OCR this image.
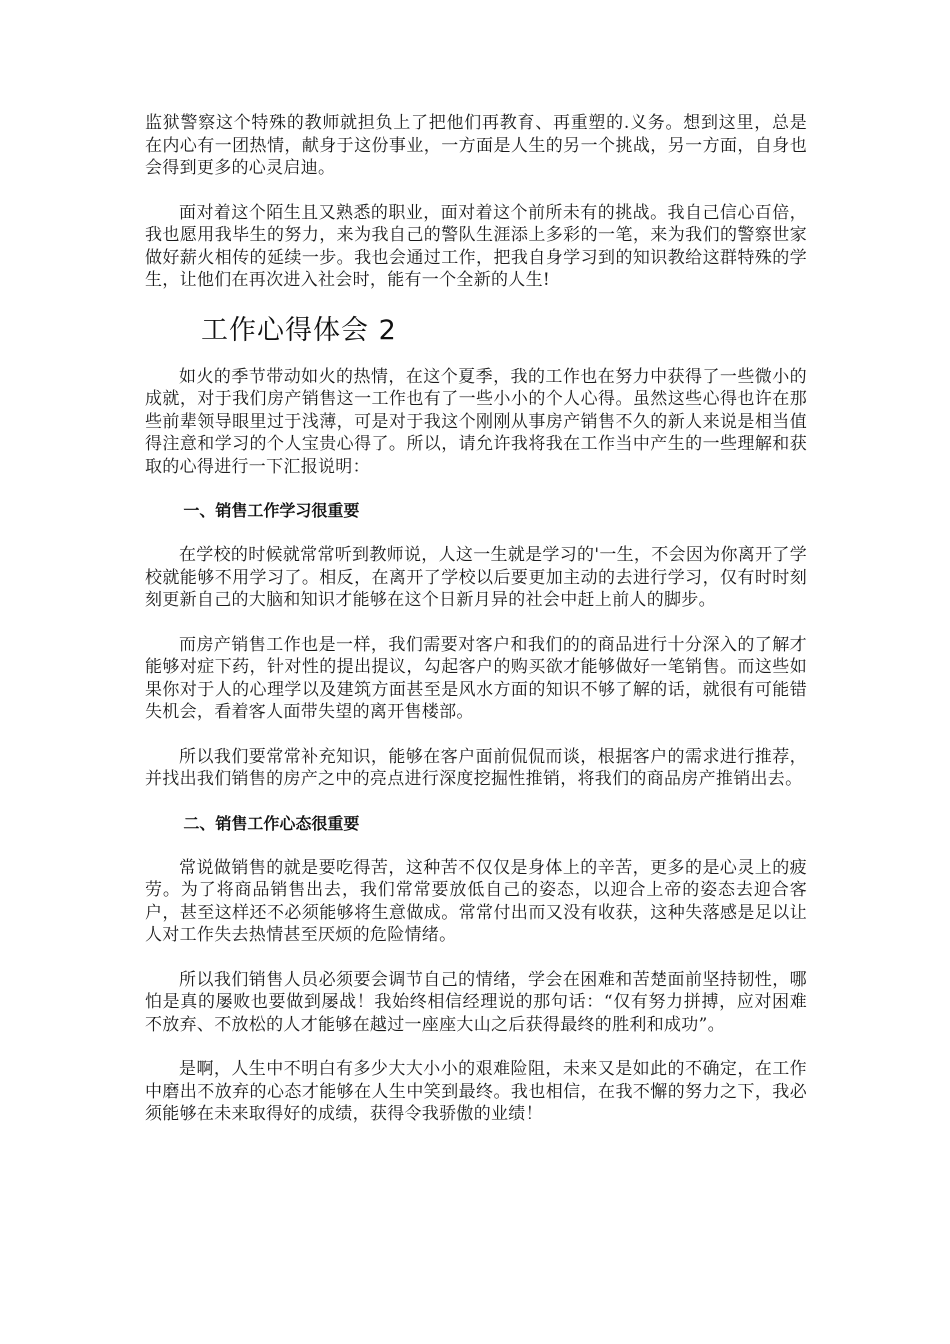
监狱警察这个特殊的教师就担负上了把他们再教育、再重塑的.义务。想到这里，总是在内心有一团热情，献身于这份事业，一方面是人生的另一个挑战，另一方面，自身也会得到更多的心灵启迪。

面对着这个陌生且又熟悉的职业，面对着这个前所未有的挑战。我自己信心百倍，我也愿用我毕生的努力，来为我自己的警队生涯添上多彩的一笔，来为我们的警察世家做好薪火相传的延续一步。我也会通过工作，把我自身学习到的知识教给这群特殊的学生，让他们在再次进入社会时，能有一个全新的人生!

工作心得体会 2

如火的季节带动如火的热情，在这个夏季，我的工作也在努力中获得了一些微小的成就，对于我们房产销售这一工作也有了一些小小的个人心得。虽然这些心得也许在那些前辈领导眼里过于浅薄，可是对于我这个刚刚从事房产销售不久的新人来说是相当值得注意和学习的个人宝贵心得了。所以，请允许我将我在工作当中产生的一些理解和获取的心得进行一下汇报说明：

一、销售工作学习很重要

在学校的时候就常常听到教师说，人这一生就是学习的'一生，不会因为你离开了学校就能够不用学习了。相反，在离开了学校以后要更加主动的去进行学习，仅有时时刻刻更新自己的大脑和知识才能够在这个日新月异的社会中赶上前人的脚步。

而房产销售工作也是一样，我们需要对客户和我们的的商品进行十分深入的了解才能够对症下药，针对性的提出提议，勾起客户的购买欲才能够做好一笔销售。而这些如果你对于人的心理学以及建筑方面甚至是风水方面的知识不够了解的话，就很有可能错失机会，看着客人面带失望的离开售楼部。

所以我们要常常补充知识，能够在客户面前侃侃而谈，根据客户的需求进行推荐，并找出我们销售的房产之中的亮点进行深度挖掘性推销，将我们的商品房产推销出去。

二、销售工作心态很重要

常说做销售的就是要吃得苦，这种苦不仅仅是身体上的辛苦，更多的是心灵上的疲劳。为了将商品销售出去，我们常常要放低自己的姿态，以迎合上帝的姿态去迎合客户，甚至这样还不必须能够将生意做成。常常付出而又没有收获，这种失落感是足以让人对工作失去热情甚至厌烦的危险情绪。

所以我们销售人员必须要会调节自己的情绪，学会在困难和苦楚面前坚持韧性，哪怕是真的屡败也要做到屡战！我始终相信经理说的那句话：“仅有努力拼搏，应对困难不放弃、不放松的人才能够在越过一座座大山之后获得最终的胜利和成功”。

是啊，人生中不明白有多少大大小小的艰难险阻，未来又是如此的不确定，在工作中磨出不放弃的心态才能够在人生中笑到最终。我也相信，在我不懈的努力之下，我必须能够在未来取得好的成绩，获得令我骄傲的业绩！
